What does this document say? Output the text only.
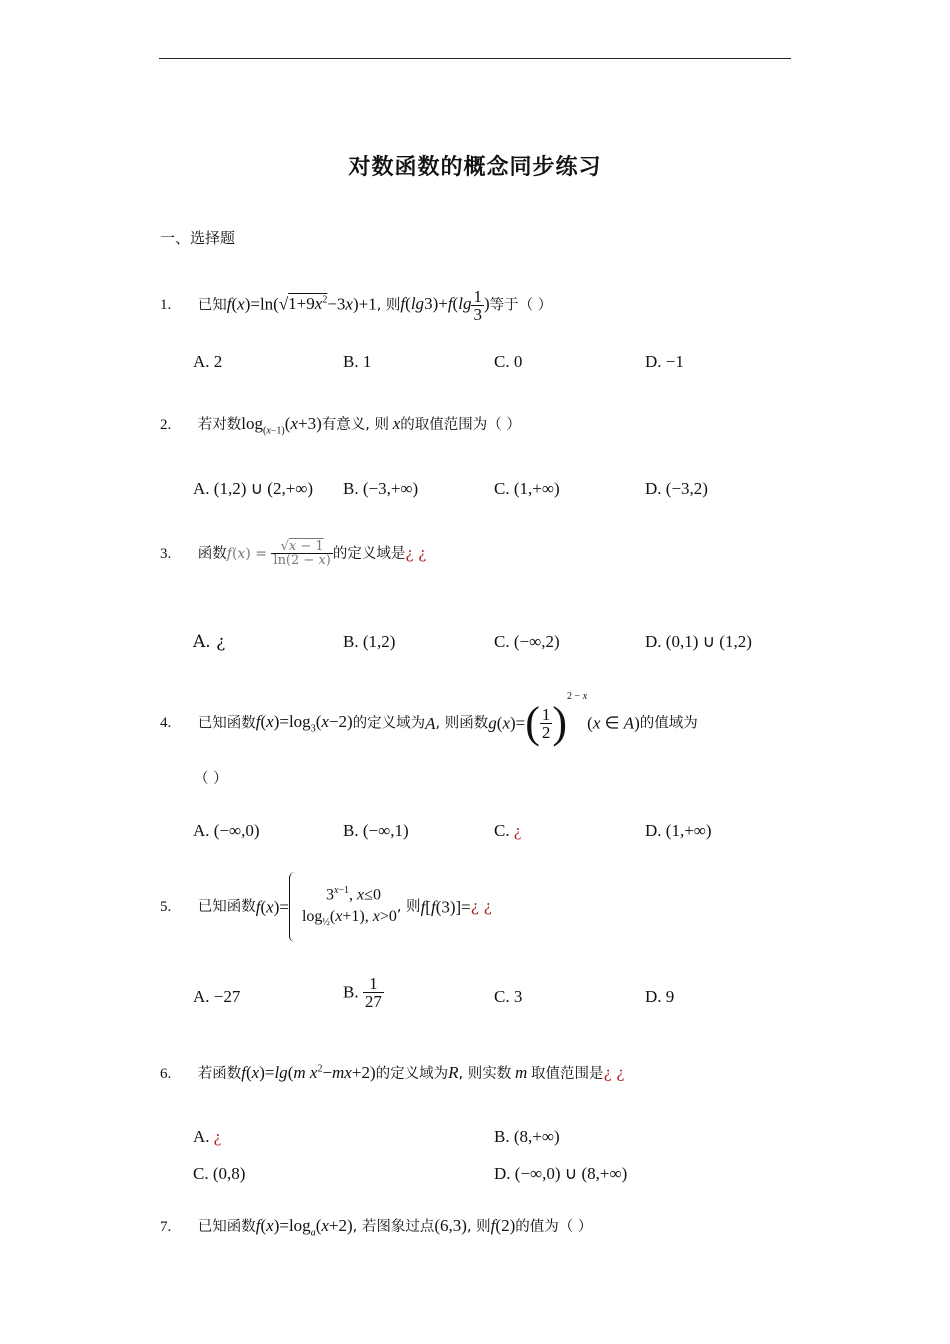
对数函数的概念同步练习
一、选择题
1. 已知$f(x)=\ln(√1+9x^2-3x)+1$, 则$f(\lg 3)+f(\lg \frac{1}{3}$ )等于（ ）
A. 2	B. 1	C. 0	D. −1
2. 若对数$\log_{(x-1)}(x+3)$有意义, 则 x的取值范围为（ ）
A. (1,2) ∪ (2,+∞) B. (−3,+∞)	C. (1,+∞)	D. (−3,2)
3. 函数$f(x) = \frac{√x - 1}{\ln(2 - x)}$ 的定义域是¿ ¿
A. ¿	B. (1,2)	C. (−∞,2)	D. (0,1) ∪ (1,2)
4. 已知函数$f(x)=\log_3(x-2)$的定义域为A, 则函数$g(x)=( \frac{1}{2} )^{2 - x}(x$ ∈ A)的值域为
（ ）
A. (−∞,0)	B. (−∞,1)	C. ¿	D. (1,+∞)
5. 已知函数f(x)=
$3^{x-1}$, x≤0
$\log_{\frac{1}{2}}(x+1)$, x>0
, 则f[f(3)]=¿ ¿
A. −27	B. $\frac{1}{27}$	C. 3	D. 9
6. 若函数f(x)=lg(m $x^2-mx+2$)的定义域为R, 则实数 m 取值范围是¿ ¿
A. ¿	B. (8,+∞)
C. (0,8)	D. (−∞,0) ∪ (8,+∞)
7. 已知函数$f(x)=\log_a(x+2)$, 若图象过点(6,3), 则f(2)的值为（ ）
